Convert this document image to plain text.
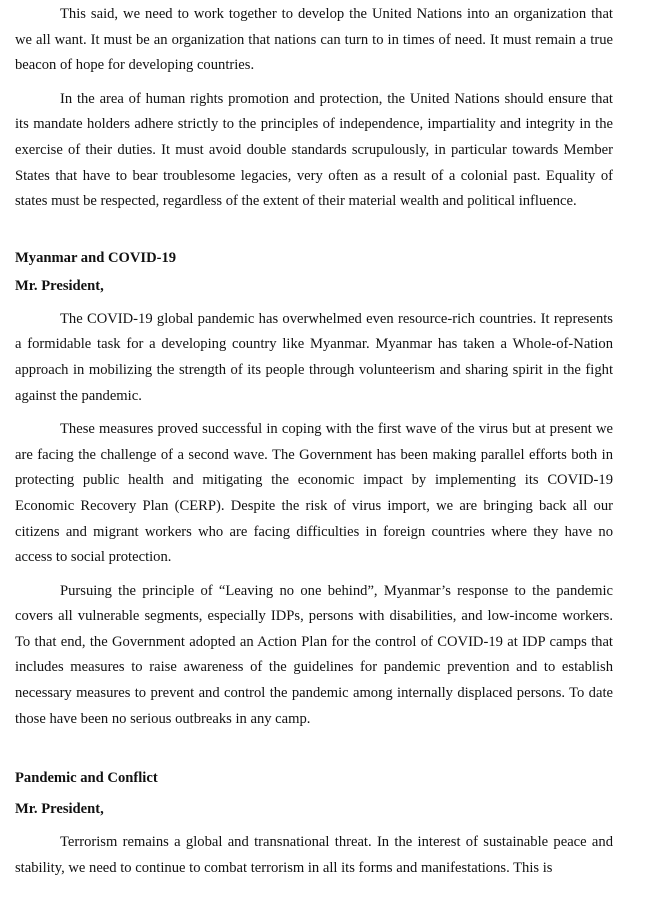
This said, we need to work together to develop the United Nations into an organization that we all want. It must be an organization that nations can turn to in times of need. It must remain a true beacon of hope for developing countries.

In the area of human rights promotion and protection, the United Nations should ensure that its mandate holders adhere strictly to the principles of independence, impartiality and integrity in the exercise of their duties. It must avoid double standards scrupulously, in particular towards Member States that have to bear troublesome legacies, very often as a result of a colonial past. Equality of states must be respected, regardless of the extent of their material wealth and political influence.

Myanmar and COVID-19
Mr. President,

The COVID-19 global pandemic has overwhelmed even resource-rich countries. It represents a formidable task for a developing country like Myanmar. Myanmar has taken a Whole-of-Nation approach in mobilizing the strength of its people through volunteerism and sharing spirit in the fight against the pandemic.

These measures proved successful in coping with the first wave of the virus but at present we are facing the challenge of a second wave. The Government has been making parallel efforts both in protecting public health and mitigating the economic impact by implementing its COVID-19 Economic Recovery Plan (CERP). Despite the risk of virus import, we are bringing back all our citizens and migrant workers who are facing difficulties in foreign countries where they have no access to social protection.

Pursuing the principle of “Leaving no one behind”, Myanmar’s response to the pandemic covers all vulnerable segments, especially IDPs, persons with disabilities, and low-income workers. To that end, the Government adopted an Action Plan for the control of COVID-19 at IDP camps that includes measures to raise awareness of the guidelines for pandemic prevention and to establish necessary measures to prevent and control the pandemic among internally displaced persons. To date those have been no serious outbreaks in any camp.

Pandemic and Conflict
Mr. President,

Terrorism remains a global and transnational threat. In the interest of sustainable peace and stability, we need to continue to combat terrorism in all its forms and manifestations. This is
